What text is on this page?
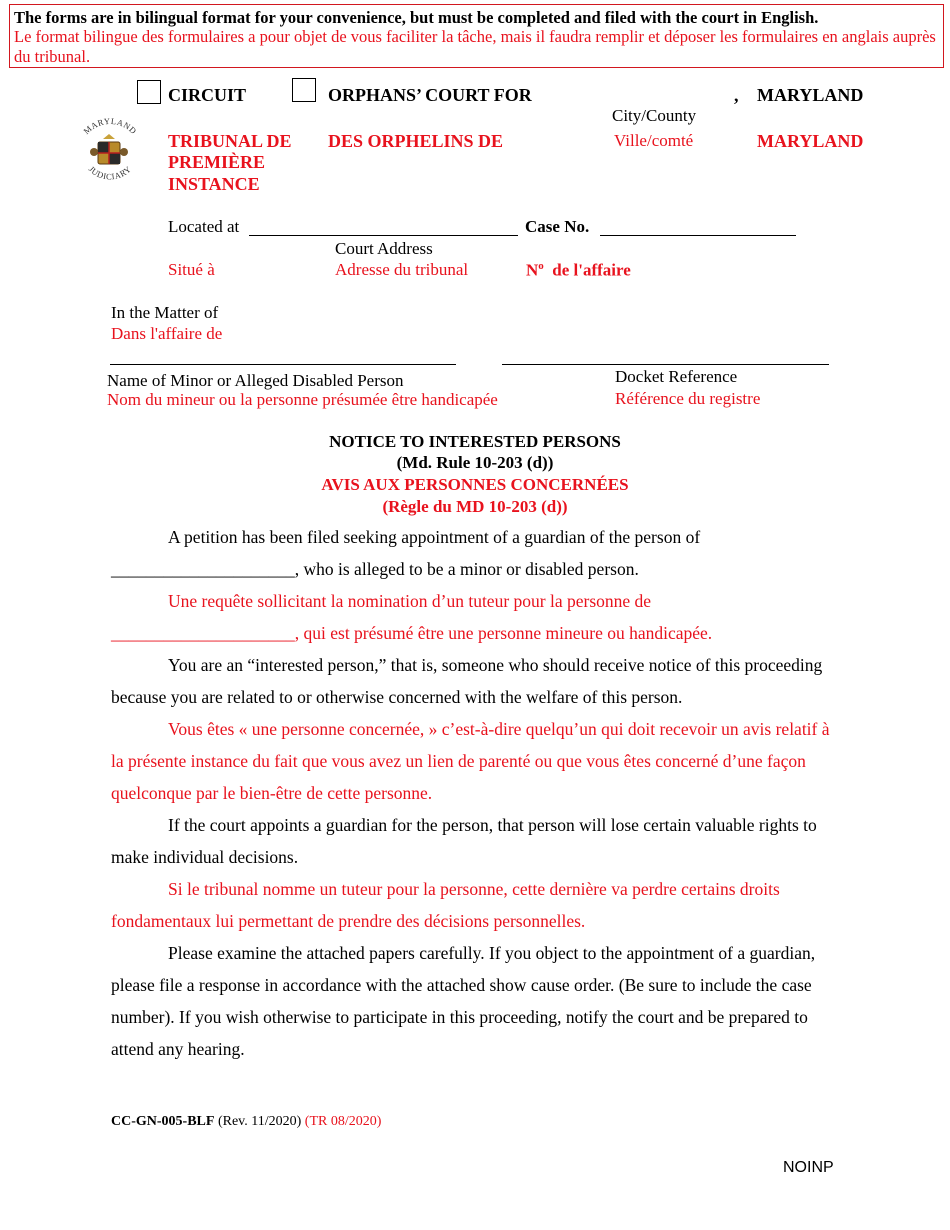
The forms are in bilingual format for your convenience, but must be completed and filed with the court in English.
Le format bilingue des formulaires a pour objet de vous faciliter la tâche, mais il faudra remplir et déposer les formulaires en anglais auprès du tribunal.
CIRCUIT	ORPHANS’ COURT FOR	, MARYLAND
City/County
MARYLAND
JUDICIARY
TRIBUNAL DE
PREMIÈRE
INSTANCE
DES ORPHELINS DE	Ville/comté	MARYLAND
Located at	Case No.
Court Address
Situé à	Adresse du tribunal	$N^o$ de l'affaire
In the Matter of
Dans l'affaire de
Name of Minor or Alleged Disabled Person
Nom du mineur ou la personne présumée être handicapée
Docket Reference
Référence du registre
NOTICE TO INTERESTED PERSONS
(Md. Rule 10-203 (d))
AVIS AUX PERSONNES CONCERNÉES
(Règle du MD 10-203 (d))

A petition has been filed seeking appointment of a guardian of the person of

_____________________, who is alleged to be a minor or disabled person.

Une requête sollicitant la nomination d’un tuteur pour la personne de

_____________________, qui est présumé être une personne mineure ou handicapée.

You are an “interested person,” that is, someone who should receive notice of this proceeding because you are related to or otherwise concerned with the welfare of this person.

Vous êtes « une personne concernée, » c’est-à-dire quelqu’un qui doit recevoir un avis relatif à la présente instance du fait que vous avez un lien de parenté ou que vous êtes concerné d’une façon quelconque par le bien-être de cette personne.

If the court appoints a guardian for the person, that person will lose certain valuable rights to make individual decisions.

Si le tribunal nomme un tuteur pour la personne, cette dernière va perdre certains droits fondamentaux lui permettant de prendre des décisions personnelles.

Please examine the attached papers carefully. If you object to the appointment of a guardian, please file a response in accordance with the attached show cause order. (Be sure to include the case number). If you wish otherwise to participate in this proceeding, notify the court and be prepared to attend any hearing.

CC-GN-005-BLF (Rev. 11/2020) (TR 08/2020)
NOINP
